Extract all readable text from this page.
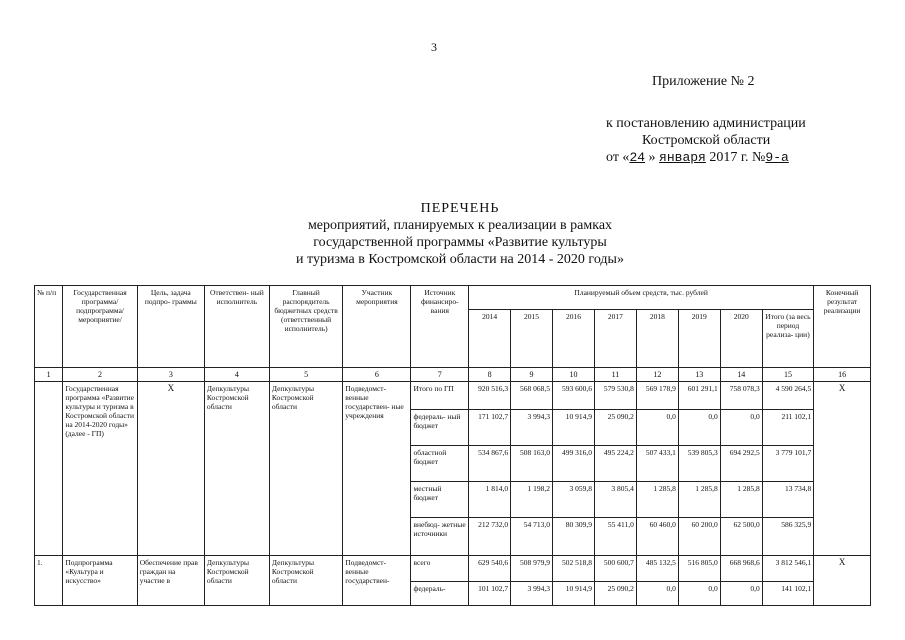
3
Приложение № 2
к постановлению администрации
Костромской области
от «24 » января 2017 г. №9-а
ПЕРЕЧЕНЬ
мероприятий, планируемых к реализации в рамках
государственной программы «Развитие культуры
и туризма в Костромской области на 2014 - 2020 годы»
№ п/п	Государственная программа/ подпрограмма/ мероприятие/	Цель, задача подпро- граммы	Ответствен- ный исполнитель	Главный распорядитель бюджетных средств (ответственный исполнитель)	Участник мероприятия	Источник финансиро- вания	Планируемый объем средств, тыс. рублей								Конечный результат реализации
							2014	2015	2016	2017	2018	2019	2020	Итого (за весь период реализа- ции)	
1	2	3	4	5	6	7	8	9	10	11	12	13	14	15	16
	Государственная программа «Развитие культуры и туризма в Костромской области на 2014-2020 годы» (далее - ГП)	Х	Депкультуры Костромской области	Депкультуры Костромской области	Подведомст- венные государствен- ные учреждения	Итого по ГП	920 516,3	568 068,5	593 600,6	579 530,8	569 178,9	601 291,1	758 078,3	4 590 264,5	Х
						федераль- ный бюджет	171 102,7	3 994,3	10 914,9	25 090,2	0,0	0,0	0,0	211 102,1	
						областной бюджет	534 867,6	508 163,0	499 316,0	495 224,2	507 433,1	539 805,3	694 292,5	3 779 101,7	
						местный бюджет	1 814,0	1 198,2	3 059,8	3 805,4	1 285,8	1 285,8	1 285,8	13 734,8	
						внебюд- жетные источники	212 732,0	54 713,0	80 309,9	55 411,0	60 460,0	60 200,0	62 500,0	586 325,9	
1.	Подпрограмма «Культура и искусство»	Обеспечение прав граждан на участие в	Депкультуры Костромской области	Депкультуры Костромской области	Подведомст- венные государствен-	всего	629 540,6	508 979,9	502 518,8	500 600,7	485 132,5	516 805,0	668 968,6	3 812 546,1	Х
						федераль-	101 102,7	3 994,3	10 914,9	25 090,2	0,0	0,0	0,0	141 102,1	
